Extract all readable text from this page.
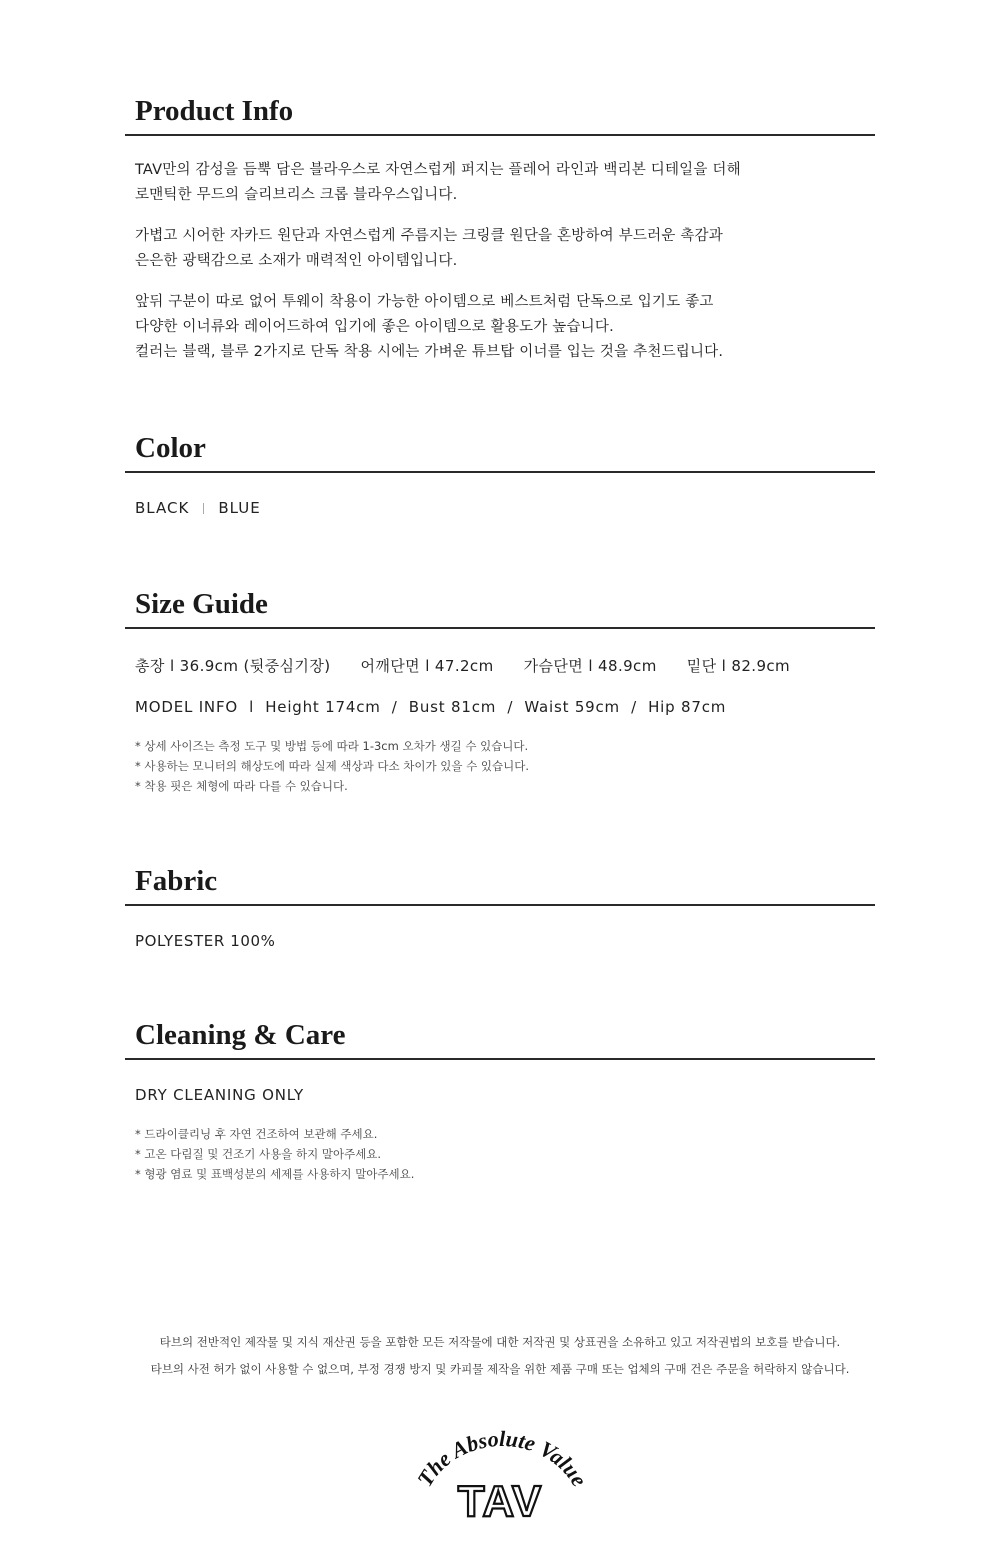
Product Info

TAV만의 감성을 듬뿍 담은 블라우스로 자연스럽게 퍼지는 플레어 라인과 백리본 디테일을 더해
로맨틱한 무드의 슬리브리스 크롭 블라우스입니다.

가볍고 시어한 자카드 원단과 자연스럽게 주름지는 크링클 원단을 혼방하여 부드러운 촉감과
은은한 광택감으로 소재가 매력적인 아이템입니다.

앞뒤 구분이 따로 없어 투웨이 착용이 가능한 아이템으로 베스트처럼 단독으로 입기도 좋고
다양한 이너류와 레이어드하여 입기에 좋은 아이템으로 활용도가 높습니다.
컬러는 블랙, 블루 2가지로 단독 착용 시에는 가벼운 튜브탑 이너를 입는 것을 추천드립니다.

Color
BLACK BLUE
Size Guide
총장 l 36.9cm (뒷중심기장) 어깨단면 l 47.2cm 가슴단면 l 48.9cm 밑단 l 82.9cm
MODEL INFO  l  Height 174cm  /  Bust 81cm  /  Waist 59cm  /  Hip 87cm
* 상세 사이즈는 측정 도구 및 방법 등에 따라 1-3cm 오차가 생길 수 있습니다.
* 사용하는 모니터의 해상도에 따라 실제 색상과 다소 차이가 있을 수 있습니다.
* 착용 핏은 체형에 따라 다를 수 있습니다.
Fabric
POLYESTER 100%
Cleaning & Care
DRY CLEANING ONLY
* 드라이클리닝 후 자연 건조하여 보관해 주세요.
* 고온 다림질 및 건조기 사용을 하지 말아주세요.
* 형광 염료 및 표백성분의 세제를 사용하지 말아주세요.
타브의 전반적인 제작물 및 지식 재산권 등을 포함한 모든 저작물에 대한 저작권 및 상표권을 소유하고 있고 저작권법의 보호를 받습니다.
타브의 사전 허가 없이 사용할 수 없으며, 부정 경쟁 방지 및 카피물 제작을 위한 제품 구매 또는 업체의 구매 건은 주문을 허락하지 않습니다.
The Absolute Value
TAV
